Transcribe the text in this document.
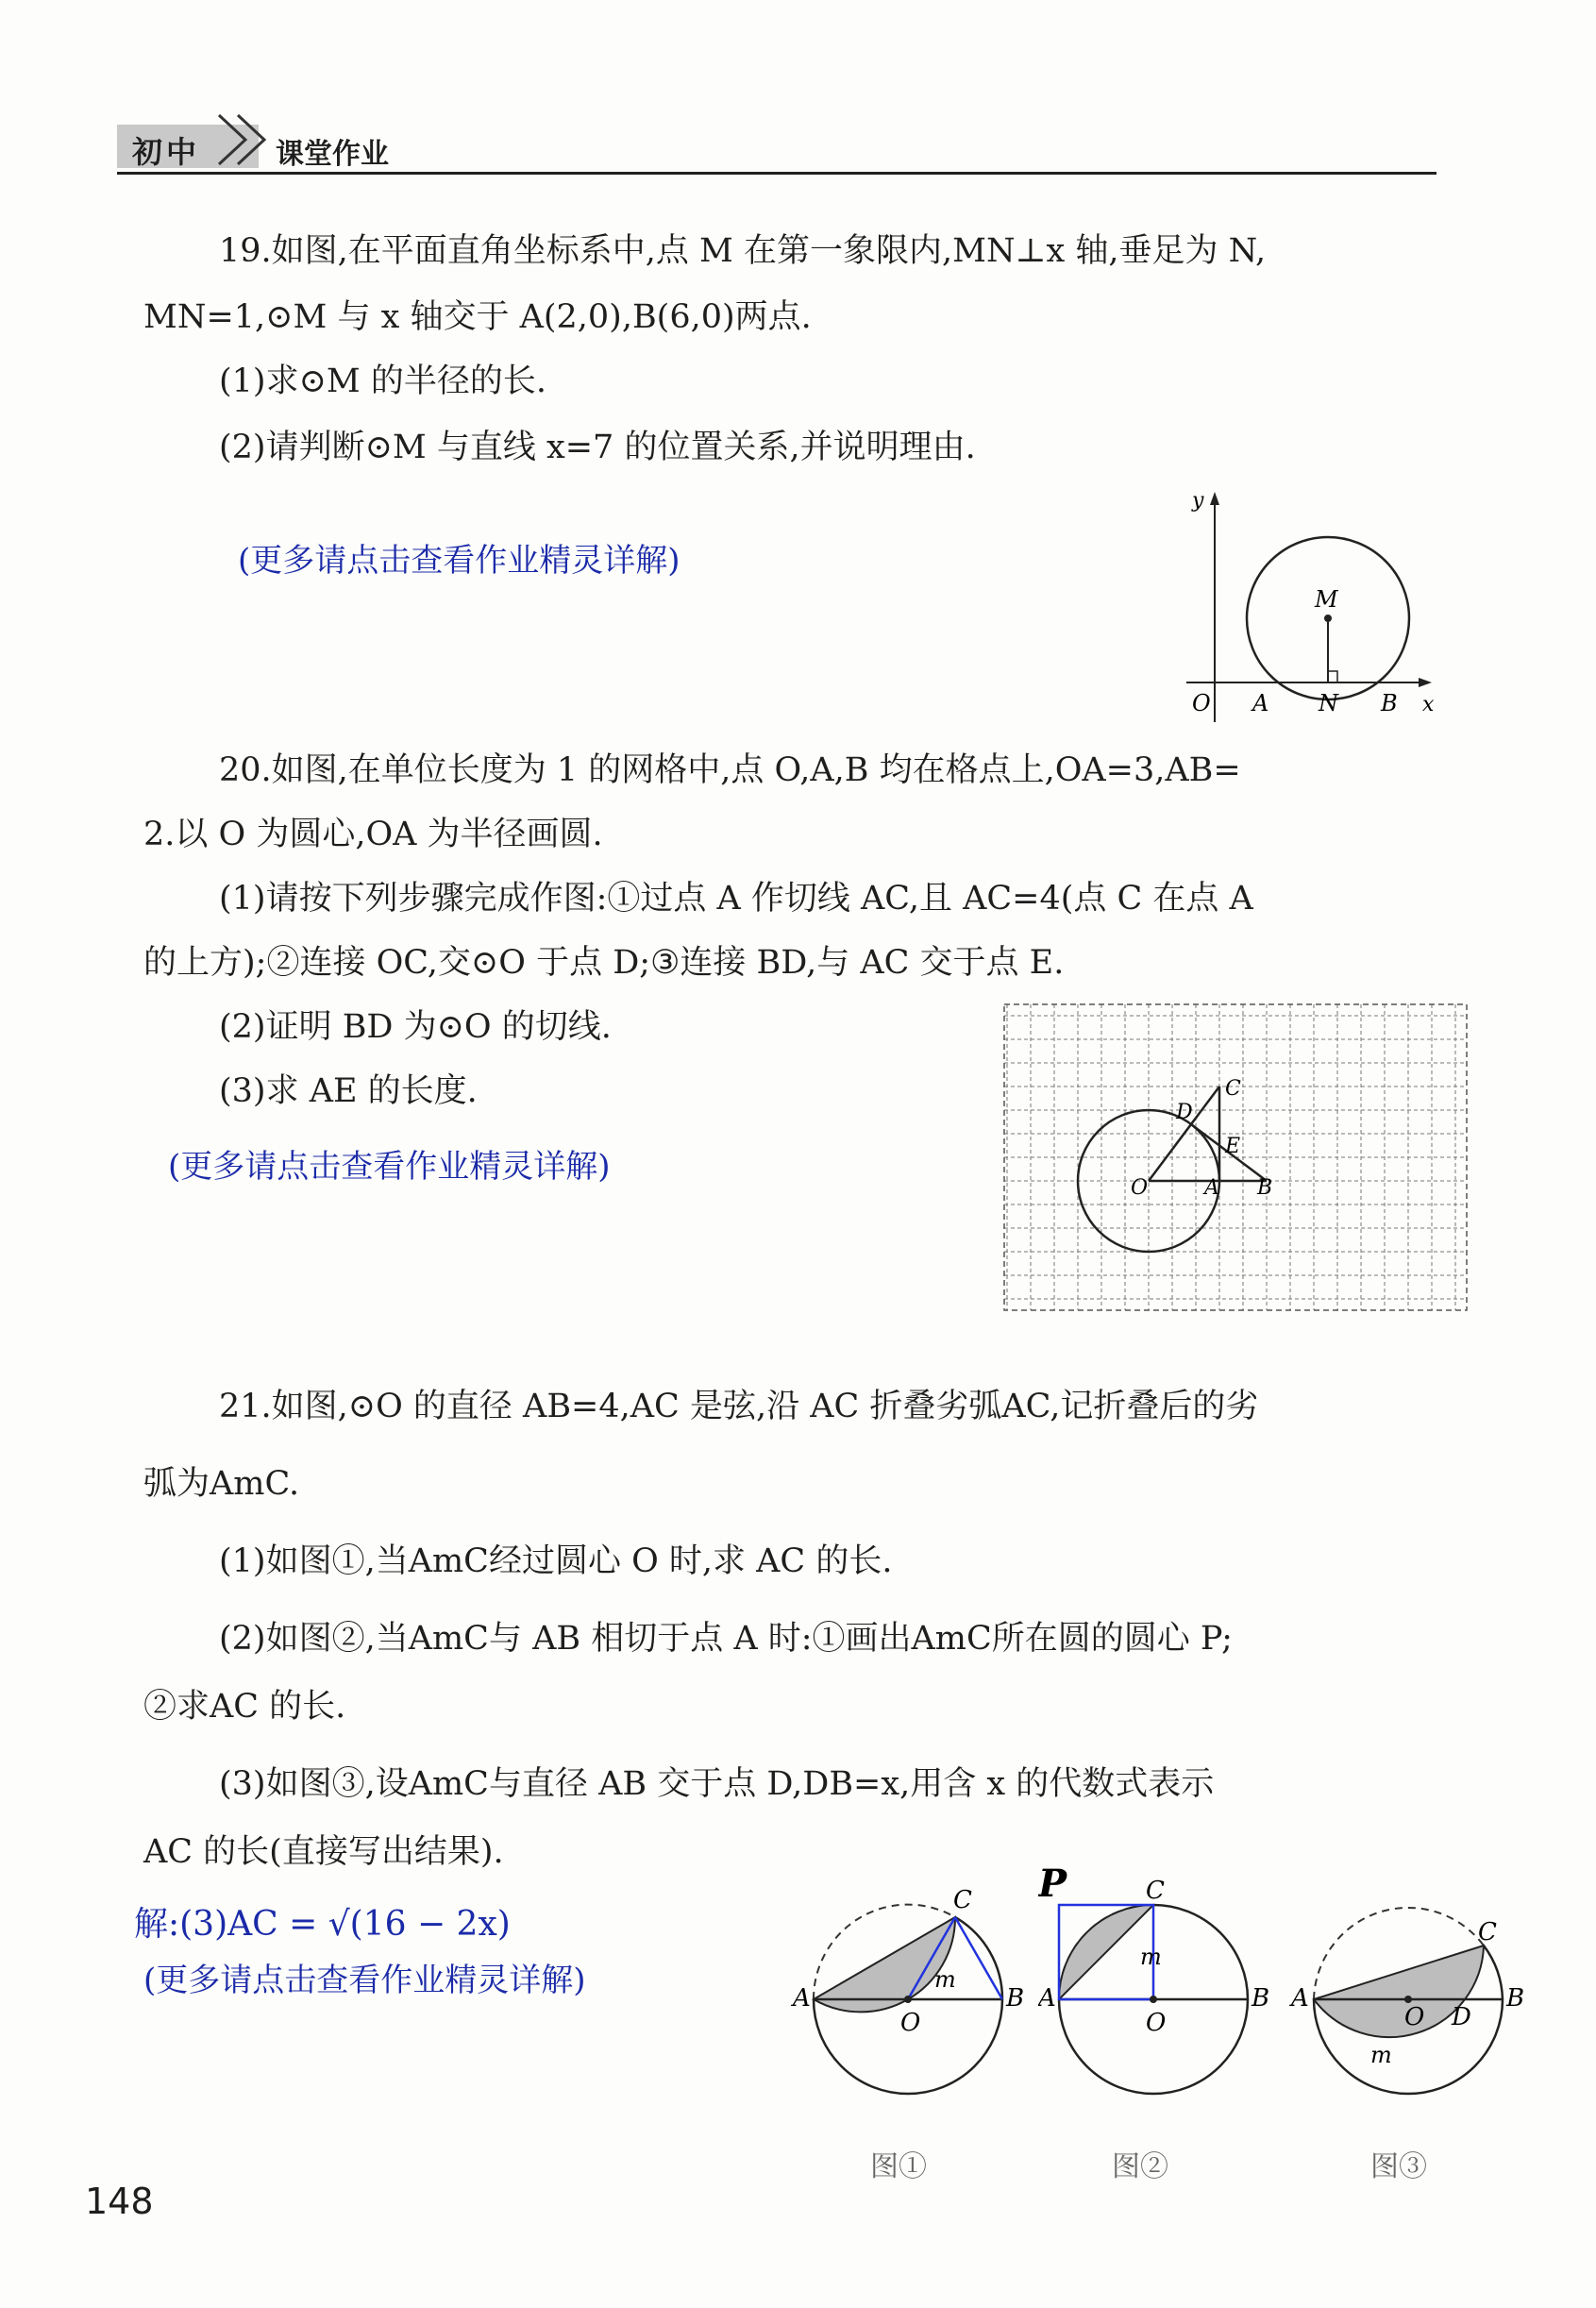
初中	课堂作业
19.如图,在平面直角坐标系中,点 M 在第一象限内,MN⊥x 轴,垂足为 N,
MN=1,⊙M 与 x 轴交于 A(2,0),B(6,0)两点.
(1)求⊙M 的半径的长.
(2)请判断⊙M 与直线 x=7 的位置关系,并说明理由.
(更多请点击查看作业精灵详解)
y
x
O A N B
M
20.如图,在单位长度为 1 的网格中,点 O,A,B 均在格点上,OA=3,AB=
2.以 O 为圆心,OA 为半径画圆.
(1)请按下列步骤完成作图:①过点 A 作切线 AC,且 AC=4(点 C 在点 A
的上方);②连接 OC,交⊙O 于点 D;③连接 BD,与 AC 交于点 E.
(2)证明 BD 为⊙O 的切线.
(3)求 AE 的长度.
(更多请点击查看作业精灵详解)
C
D
E
O	A B
21.如图,⊙O 的直径 AB=4,AC 是弦,沿 AC 折叠劣弧AC,记折叠后的劣
弧为AmC.
(1)如图①,当AmC经过圆心 O 时,求 AC 的长.
(2)如图②,当AmC与 AB 相切于点 A 时:①画出AmC所在圆的圆心 P;
②求AC 的长.
(3)如图③,设AmC与直径 AB 交于点 D,DB=x,用含 x 的代数式表示
AC 的长(直接写出结果).
解:(3)AC = √(16 − 2x)
(更多请点击查看作业精灵详解)	A	B
C
O
m
图①
P
A	B
C
O
m
图②
A	B
C
O D
m
图③
148
